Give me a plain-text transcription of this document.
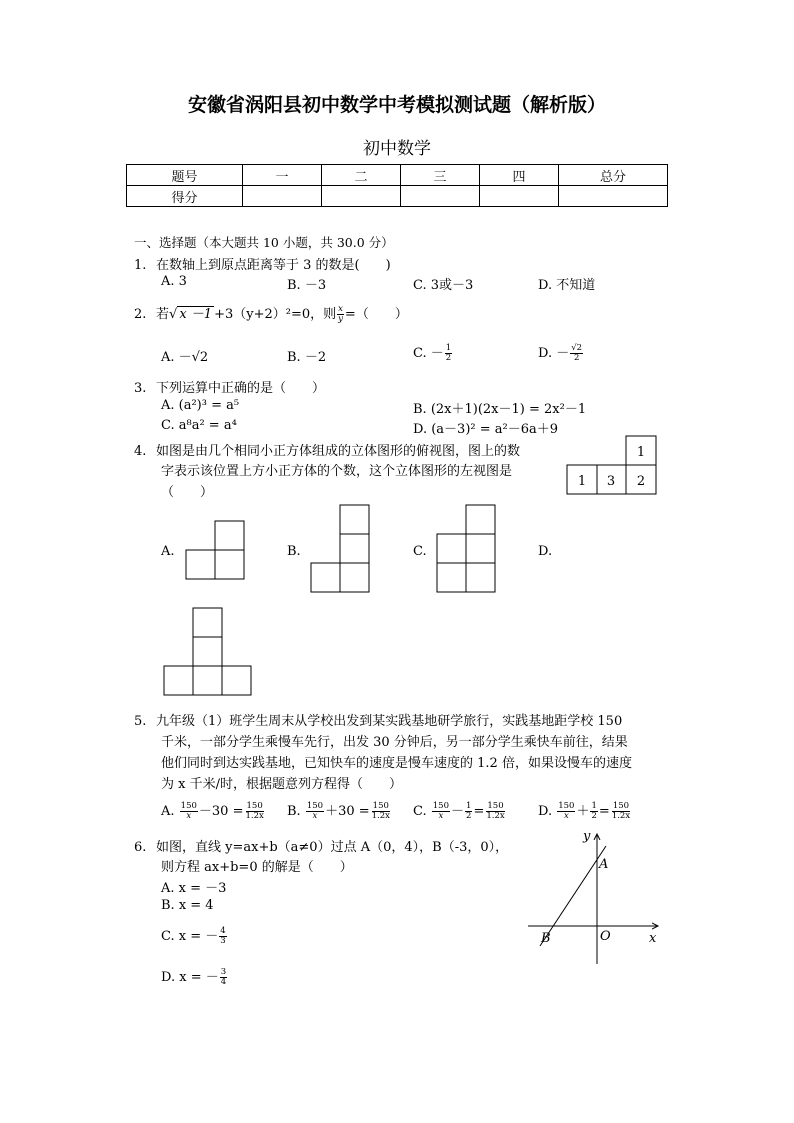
安徽省涡阳县初中数学中考模拟测试题（解析版）
初中数学
题号	一	二	三	四	总分
得分					
一、选择题（本大题共 10 小题，共 30.0 分）
1. 在数轴上到原点距离等于 3 的数是(　　)
A. 3	B. －3	C. 3或－3	D. 不知道
2. 若√ x －1 +3（y+2）²=0，则 $\frac{x}{y}$ =（　　）
A. －√2	B. －2	C. － $\frac{1}{2}$	D. － $\frac{√2}{2}$
3. 下列运算中正确的是（　　）
A. (a²)³ = a⁵	B. (2x＋1)(2x－1) = 2x²－1
C. a⁸a² = a⁴	D. (a－3)² = a²－6a＋9
4. 如图是由几个相同小正方体组成的立体图形的俯视图，图上的数
字表示该位置上方小正方体的个数，这个立体图形的左视图是
（　　）
1
1 3 2
A.	B.	C.	D.
5. 九年级（1）班学生周末从学校出发到某实践基地研学旅行，实践基地距学校 150
千米，一部分学生乘慢车先行，出发 30 分钟后，另一部分学生乘快车前往，结果
他们同时到达实践基地，已知快车的速度是慢车速度的 1.2 倍，如果设慢车的速度
为 x 千米/时，根据题意列方程得（　　）
A. $\frac{150}{x} -30 = \frac{150}{1.2x} B$. $\frac{150}{x} +30 = \frac{150}{1.2x} C$. $\frac{150}{x} - \frac{1}{2} = \frac{150}{1.2x} D$. $\frac{150}{x} + \frac{1}{2} = \frac{150}{1.2x}$
6. 如图，直线 y=ax+b（a≠0）过点 A（0，4），B（-3，0），
则方程 ax+b=0 的解是（　　）
A. x = －3
B. x = 4
C. x = － $\frac{4}{3}$
D. x = － $\frac{3}{4}$
y
x
A
B	O
